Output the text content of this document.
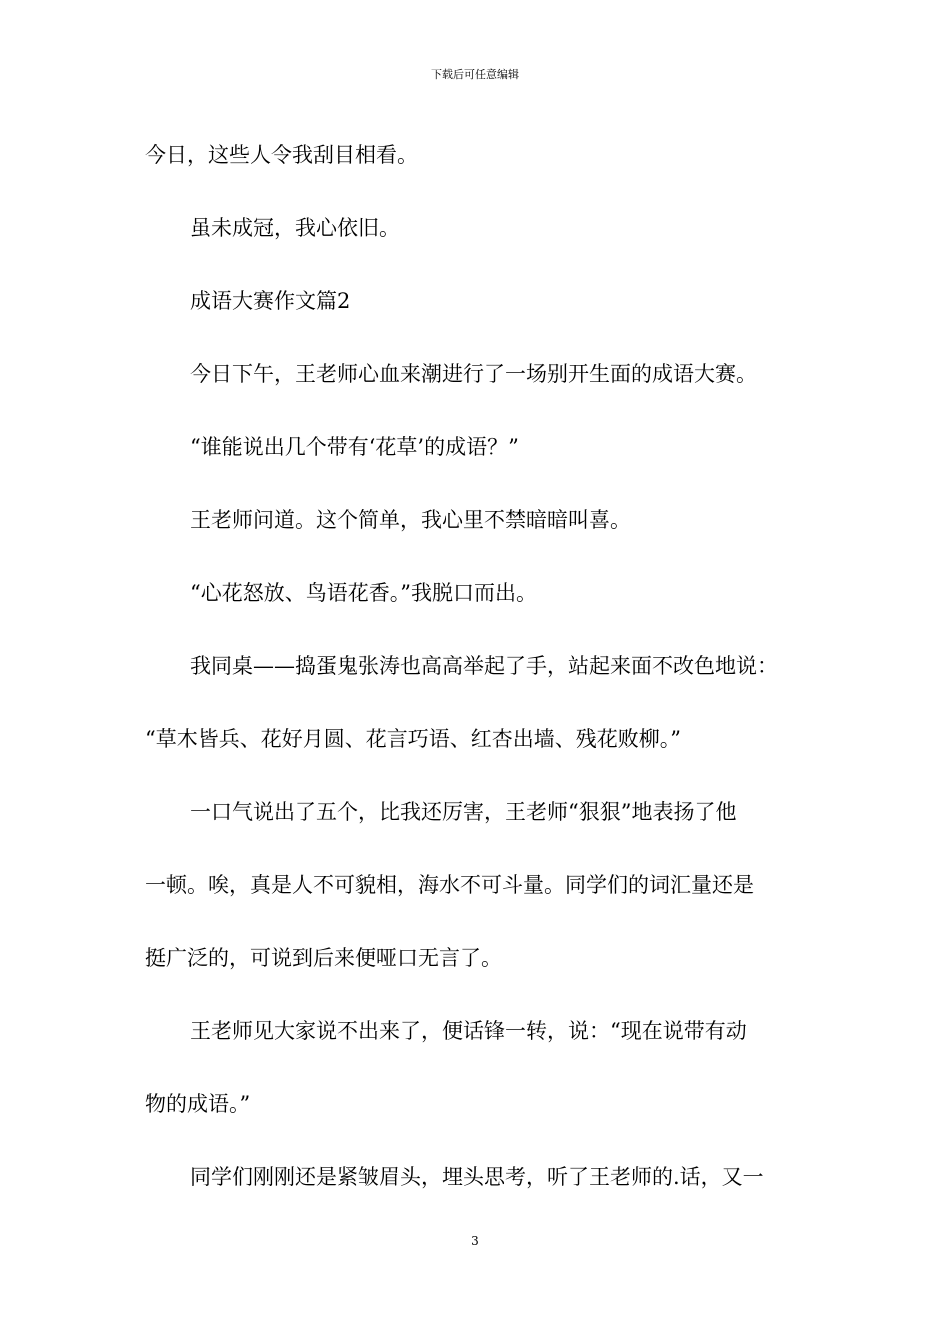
下载后可任意编辑
今日，这些人令我刮目相看。
虽未成冠，我心依旧。
成语大赛作文篇2
今日下午，王老师心血来潮进行了一场别开生面的成语大赛。
“谁能说出几个带有‘花草’的成语？”
王老师问道。这个简单，我心里不禁暗暗叫喜。
“心花怒放、鸟语花香。”我脱口而出。
我同桌——捣蛋鬼张涛也高高举起了手，站起来面不改色地说：
“草木皆兵、花好月圆、花言巧语、红杏出墙、残花败柳。”
一口气说出了五个，比我还厉害，王老师“狠狠”地表扬了他
一顿。唉，真是人不可貌相，海水不可斗量。同学们的词汇量还是
挺广泛的，可说到后来便哑口无言了。
王老师见大家说不出来了，便话锋一转，说：“现在说带有动
物的成语。”
同学们刚刚还是紧皱眉头，埋头思考，听了王老师的.话，又一
3
